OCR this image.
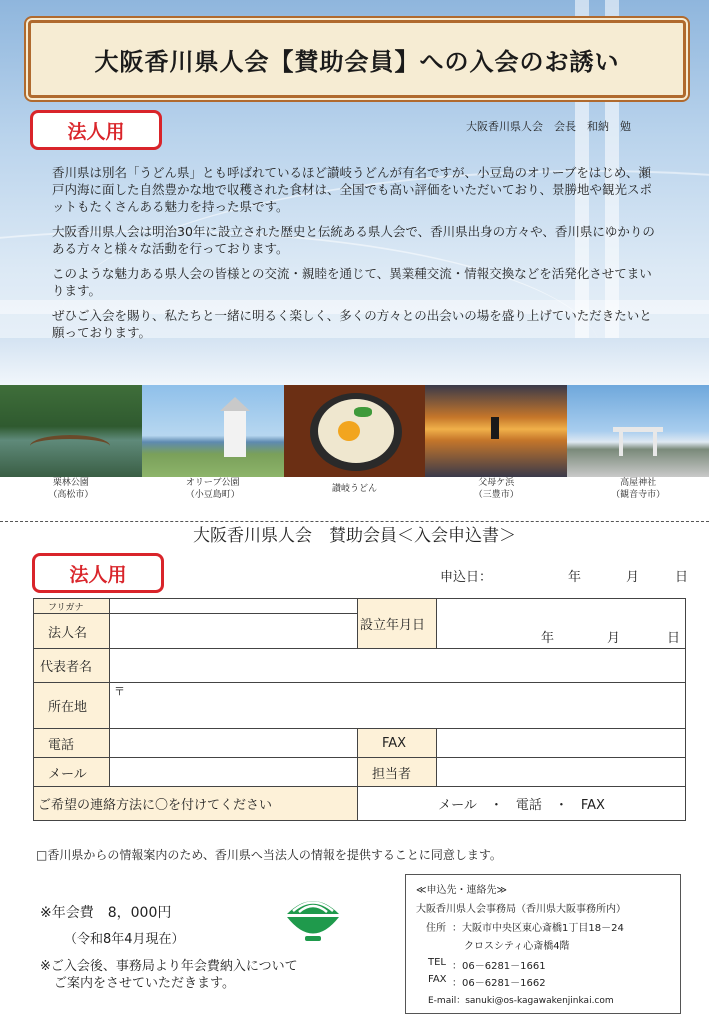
大阪香川県人会【賛助会員】への入会のお誘い
法人用	大阪香川県人会　会長　和納　勉

香川県は別名「うどん県」とも呼ばれているほど讃岐うどんが有名ですが、小豆島のオリーブをはじめ、瀬戸内海に面した自然豊かな地で収穫された食材は、全国でも高い評価をいただいており、景勝地や観光スポットもたくさんある魅力を持った県です。

大阪香川県人会は明治30年に設立された歴史と伝統ある県人会で、香川県出身の方々や、香川県にゆかりのある方々と様々な活動を行っております。

このような魅力ある県人会の皆様との交流・親睦を通じて、異業種交流・情報交換などを活発化させてまいります。

ぜひご入会を賜り、私たちと一緒に明るく楽しく、多くの方々との出会いの場を盛り上げていただきたいと願っております。

栗林公園
（高松市）
オリーブ公園
（小豆島町）
讃岐うどん
父母ケ浜
（三豊市）
高屋神社
（観音寺市）
大阪香川県人会　賛助会員＜入会申込書＞
法人用	申込日：	年	月	日
フリガナ		設立年月日	年 月 日

法人名			
代表者名			
所在地	〒		
電話		FAX	
メール		担当者	
ご希望の連絡方法に〇を付けてください		メール　・　電話　・　FAX	
□香川県からの情報案内のため、香川県へ当法人の情報を提供することに同意します。
※年会費　8，000円
（令和8年4月現在）
※ご入会後、事務局より年会費納入について
ご案内をさせていただきます。
≪申込先・連絡先≫
大阪香川県人会事務局（香川県大阪事務所内）
住所 ：大阪市中央区東心斎橋1丁目18－24
クロスシティ心斎橋4階
TEL ：06－6281－1661
FAX ：06－6281－1662
E-mail：sanuki@os-kagawakenjinkai.com
